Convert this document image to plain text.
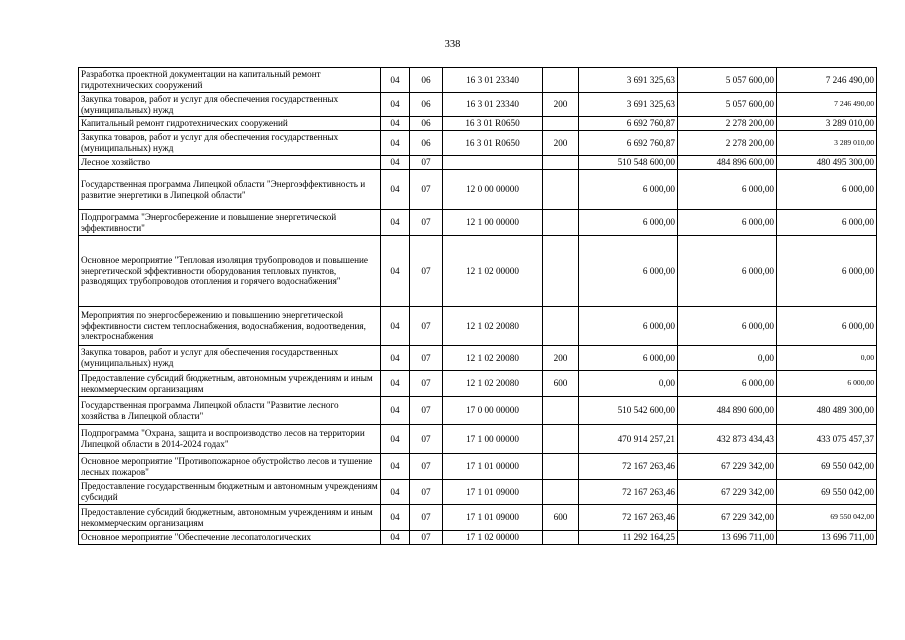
338
Разработка проектной документации на капитальный ремонт гидротехнических сооружений	04	06	16 3 01 23340		3 691 325,63	5 057 600,00	7 246 490,00
Закупка товаров, работ и услуг для обеспечения государственных (муниципальных) нужд	04	06	16 3 01 23340	200	3 691 325,63	5 057 600,00	7 246 490,00
Капитальный ремонт гидротехнических сооружений	04	06	16 3 01 R0650		6 692 760,87	2 278 200,00	3 289 010,00
Закупка товаров, работ и услуг для обеспечения государственных (муниципальных) нужд	04	06	16 3 01 R0650	200	6 692 760,87	2 278 200,00	3 289 010,00
Лесное хозяйство	04	07			510 548 600,00	484 896 600,00	480 495 300,00
Государственная программа Липецкой области "Энергоэффективность и развитие энергетики в Липецкой области"	04	07	12 0 00 00000		6 000,00	6 000,00	6 000,00
Подпрограмма "Энергосбережение и повышение энергетической эффективности"	04	07	12 1 00 00000		6 000,00	6 000,00	6 000,00
Основное мероприятие "Тепловая изоляция трубопроводов и повышение энергетической эффективности оборудования тепловых пунктов, разводящих трубопроводов отопления и горячего водоснабжения"	04	07	12 1 02 00000		6 000,00	6 000,00	6 000,00
Мероприятия по энергосбережению и повышению энергетической эффективности систем теплоснабжения, водоснабжения, водоотведения, электроснабжения	04	07	12 1 02 20080		6 000,00	6 000,00	6 000,00
Закупка товаров, работ и услуг для обеспечения государственных (муниципальных) нужд	04	07	12 1 02 20080	200	6 000,00	0,00	0,00
Предоставление субсидий бюджетным, автономным учреждениям и иным некоммерческим организациям	04	07	12 1 02 20080	600	0,00	6 000,00	6 000,00
Государственная программа Липецкой области "Развитие лесного хозяйства в Липецкой области"	04	07	17 0 00 00000		510 542 600,00	484 890 600,00	480 489 300,00
Подпрограмма "Охрана, защита и воспроизводство лесов на территории Липецкой области в 2014-2024 годах"	04	07	17 1 00 00000		470 914 257,21	432 873 434,43	433 075 457,37
Основное мероприятие "Противопожарное обустройство лесов и тушение лесных пожаров"	04	07	17 1 01 00000		72 167 263,46	67 229 342,00	69 550 042,00
Предоставление государственным бюджетным и автономным учреждениям субсидий	04	07	17 1 01 09000		72 167 263,46	67 229 342,00	69 550 042,00
Предоставление субсидий бюджетным, автономным учреждениям и иным некоммерческим организациям	04	07	17 1 01 09000	600	72 167 263,46	67 229 342,00	69 550 042,00
Основное мероприятие "Обеспечение лесопатологических	04	07	17 1 02 00000		11 292 164,25	13 696 711,00	13 696 711,00
